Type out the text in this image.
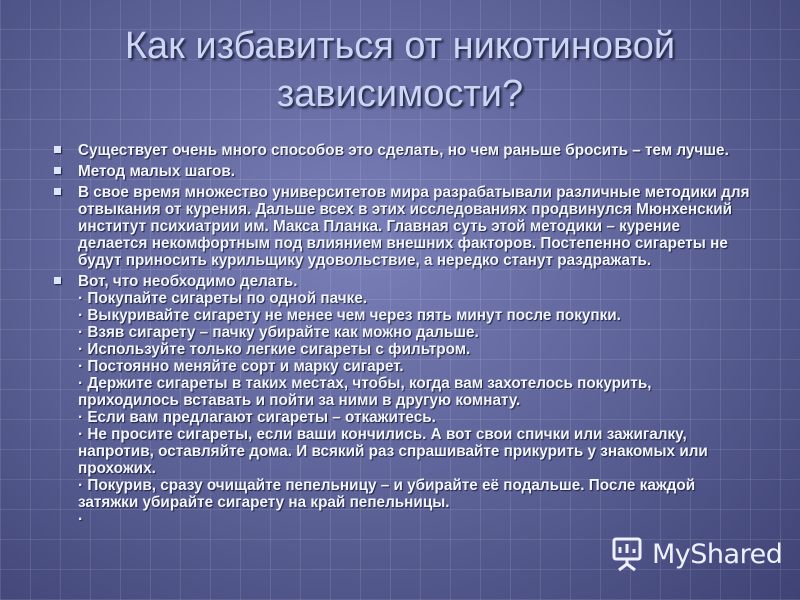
Как избавиться от никотиновой
зависимости?
Существует очень много способов это сделать, но чем раньше бросить – тем лучше.
Метод малых шагов.
В свое время множество университетов мира разрабатывали различные методики для отвыкания от курения. Дальше всех в этих исследованиях продвинулся Мюнхенский институт психиатрии им. Макса Планка. Главная суть этой методики – курение делается некомфортным под влиянием внешних факторов. Постепенно сигареты не будут приносить курильщику удовольствие, а нередко станут раздражать.
Вот, что необходимо делать.
· Покупайте сигареты по одной пачке.
· Выкуривайте сигарету не менее чем через пять минут после покупки.
· Взяв сигарету – пачку убирайте как можно дальше.
· Используйте только легкие сигареты с фильтром.
· Постоянно меняйте сорт и марку сигарет.
· Держите сигареты в таких местах, чтобы, когда вам захотелось покурить, приходилось вставать и пойти за ними в другую комнату.
· Если вам предлагают сигареты – откажитесь.
· Не просите сигареты, если ваши кончились. А вот свои спички или зажигалку, напротив, оставляйте дома. И всякий раз спрашивайте прикурить у знакомых или прохожих.
· Покурив, сразу очищайте пепельницу – и убирайте её подальше. После каждой затяжки убирайте сигарету на край пепельницы.
·
MyShared
